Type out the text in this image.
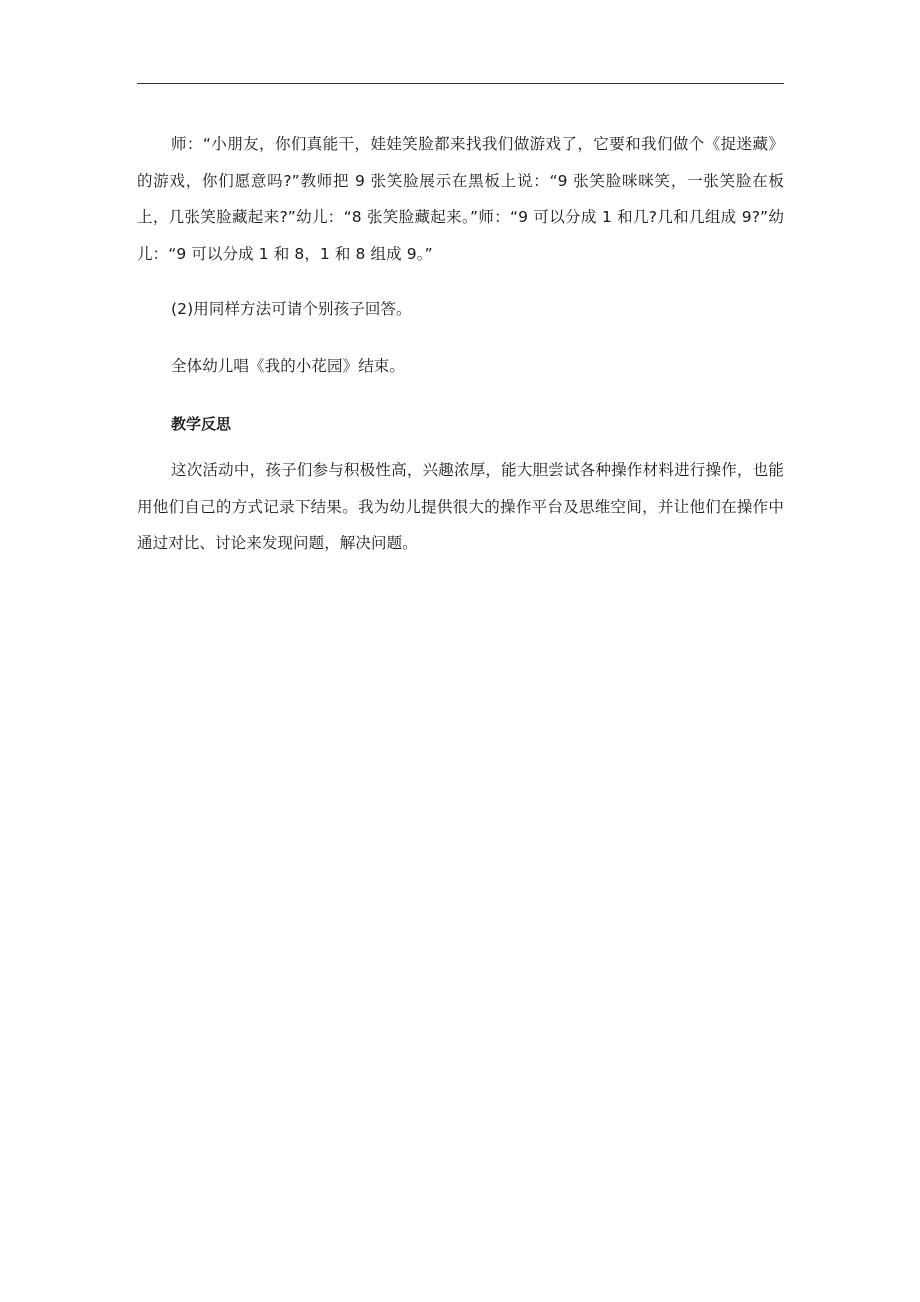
师：“小朋友，你们真能干，娃娃笑脸都来找我们做游戏了，它要和我们做个《捉迷藏》的游戏，你们愿意吗?”教师把 9 张笑脸展示在黑板上说：“9 张笑脸咪咪笑，一张笑脸在板上，几张笑脸藏起来?”幼儿：“8 张笑脸藏起来。”师：“9 可以分成 1 和几?几和几组成 9?”幼儿：“9 可以分成 1 和 8，1 和 8 组成 9。”

(2)用同样方法可请个别孩子回答。

全体幼儿唱《我的小花园》结束。

教学反思

这次活动中，孩子们参与积极性高，兴趣浓厚，能大胆尝试各种操作材料进行操作，也能用他们自己的方式记录下结果。我为幼儿提供很大的操作平台及思维空间，并让他们在操作中通过对比、讨论来发现问题，解决问题。
